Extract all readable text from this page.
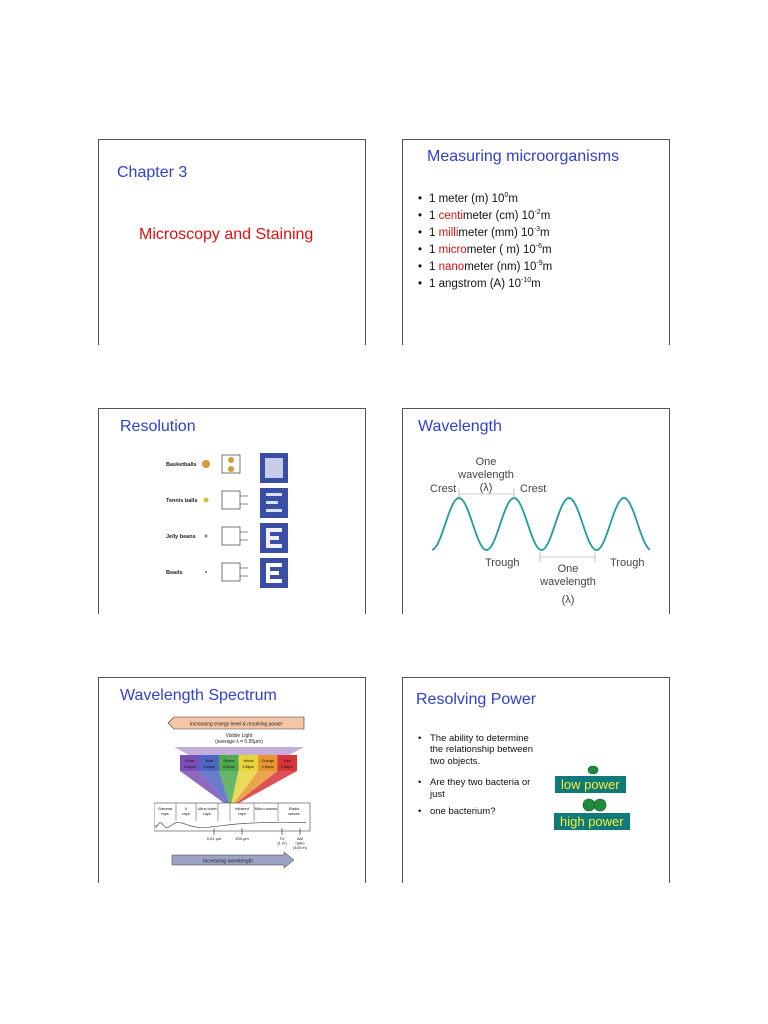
Chapter 3
Microscopy and Staining
Measuring microorganisms
• 1 meter (m) $10^0m$
• 1 centimeter (cm) $10^{-2}m$
• 1 millimeter (mm) $10^{-3}m$
• 1 micrometer ( m) $10^{-6}m$
• 1 nanometer (nm) $10^{-9}m$
• 1 angstrom (A) $10^{-10}m$
Resolution
Basketballs
Tennis balls
Jelly beans
Beads
Wavelength
One
wavelength
(λ)
Crest	Crest
Trough	Trough
One
wavelength
(λ)
Wavelength Spectrum
Increasing energy level & resolving power
Visible Light
(average λ = 0.55μm)
Violet
0.40μm
Blue
0.45μm
Green
0.52μm
Yellow
0.58μm
Orange
0.60μm
Red
0.65μm
Gamma
rays
X
rays
Ultra-violet
rays
Infrared
rays
Micro-waves	Radio
waves
0.01 μm	100 μm	TV
(1 m)
AM
radio
(100 m)
Increasing wavelength
Resolving Power
• The ability to determine the relationship between two objects.
• Are they two bacteria or just
• one bacterium?
low power
high power
